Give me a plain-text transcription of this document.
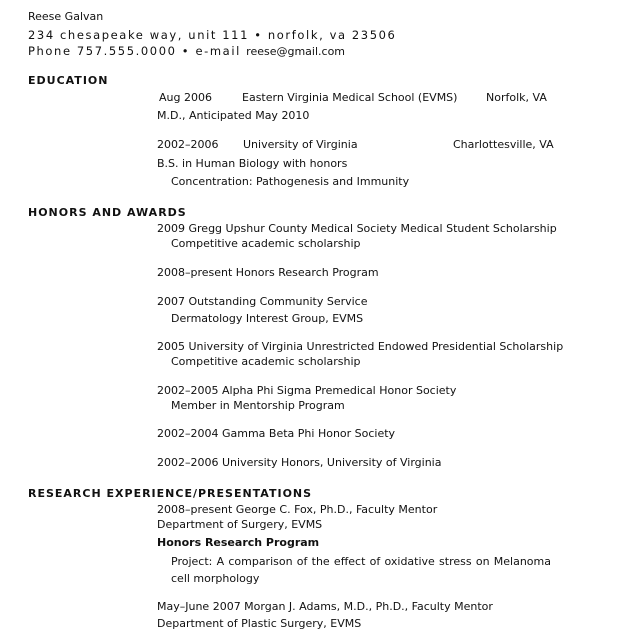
Reese Galvan
234 chesapeake way, unit 111 • norfolk, va 23506
Phone 757.555.0000 • e-mail reese@gmail.com
EDUCATION
Aug 2006	Eastern Virginia Medical School (EVMS)	Norfolk, VA
M.D., Anticipated May 2010
2002–2006 University of Virginia	Charlottesville, VA
B.S. in Human Biology with honors
Concentration: Pathogenesis and Immunity
HONORS AND AWARDS
2009 Gregg Upshur County Medical Society Medical Student Scholarship
Competitive academic scholarship
2008–present Honors Research Program
2007 Outstanding Community Service
Dermatology Interest Group, EVMS
2005 University of Virginia Unrestricted Endowed Presidential Scholarship
Competitive academic scholarship
2002–2005 Alpha Phi Sigma Premedical Honor Society
Member in Mentorship Program
2002–2004 Gamma Beta Phi Honor Society
2002–2006 University Honors, University of Virginia
RESEARCH EXPERIENCE/PRESENTATIONS
2008–present George C. Fox, Ph.D., Faculty Mentor
Department of Surgery, EVMS
Honors Research Program
Project: A comparison of the effect of oxidative stress on Melanoma cell morphology
May–June 2007 Morgan J. Adams, M.D., Ph.D., Faculty Mentor
Department of Plastic Surgery, EVMS
